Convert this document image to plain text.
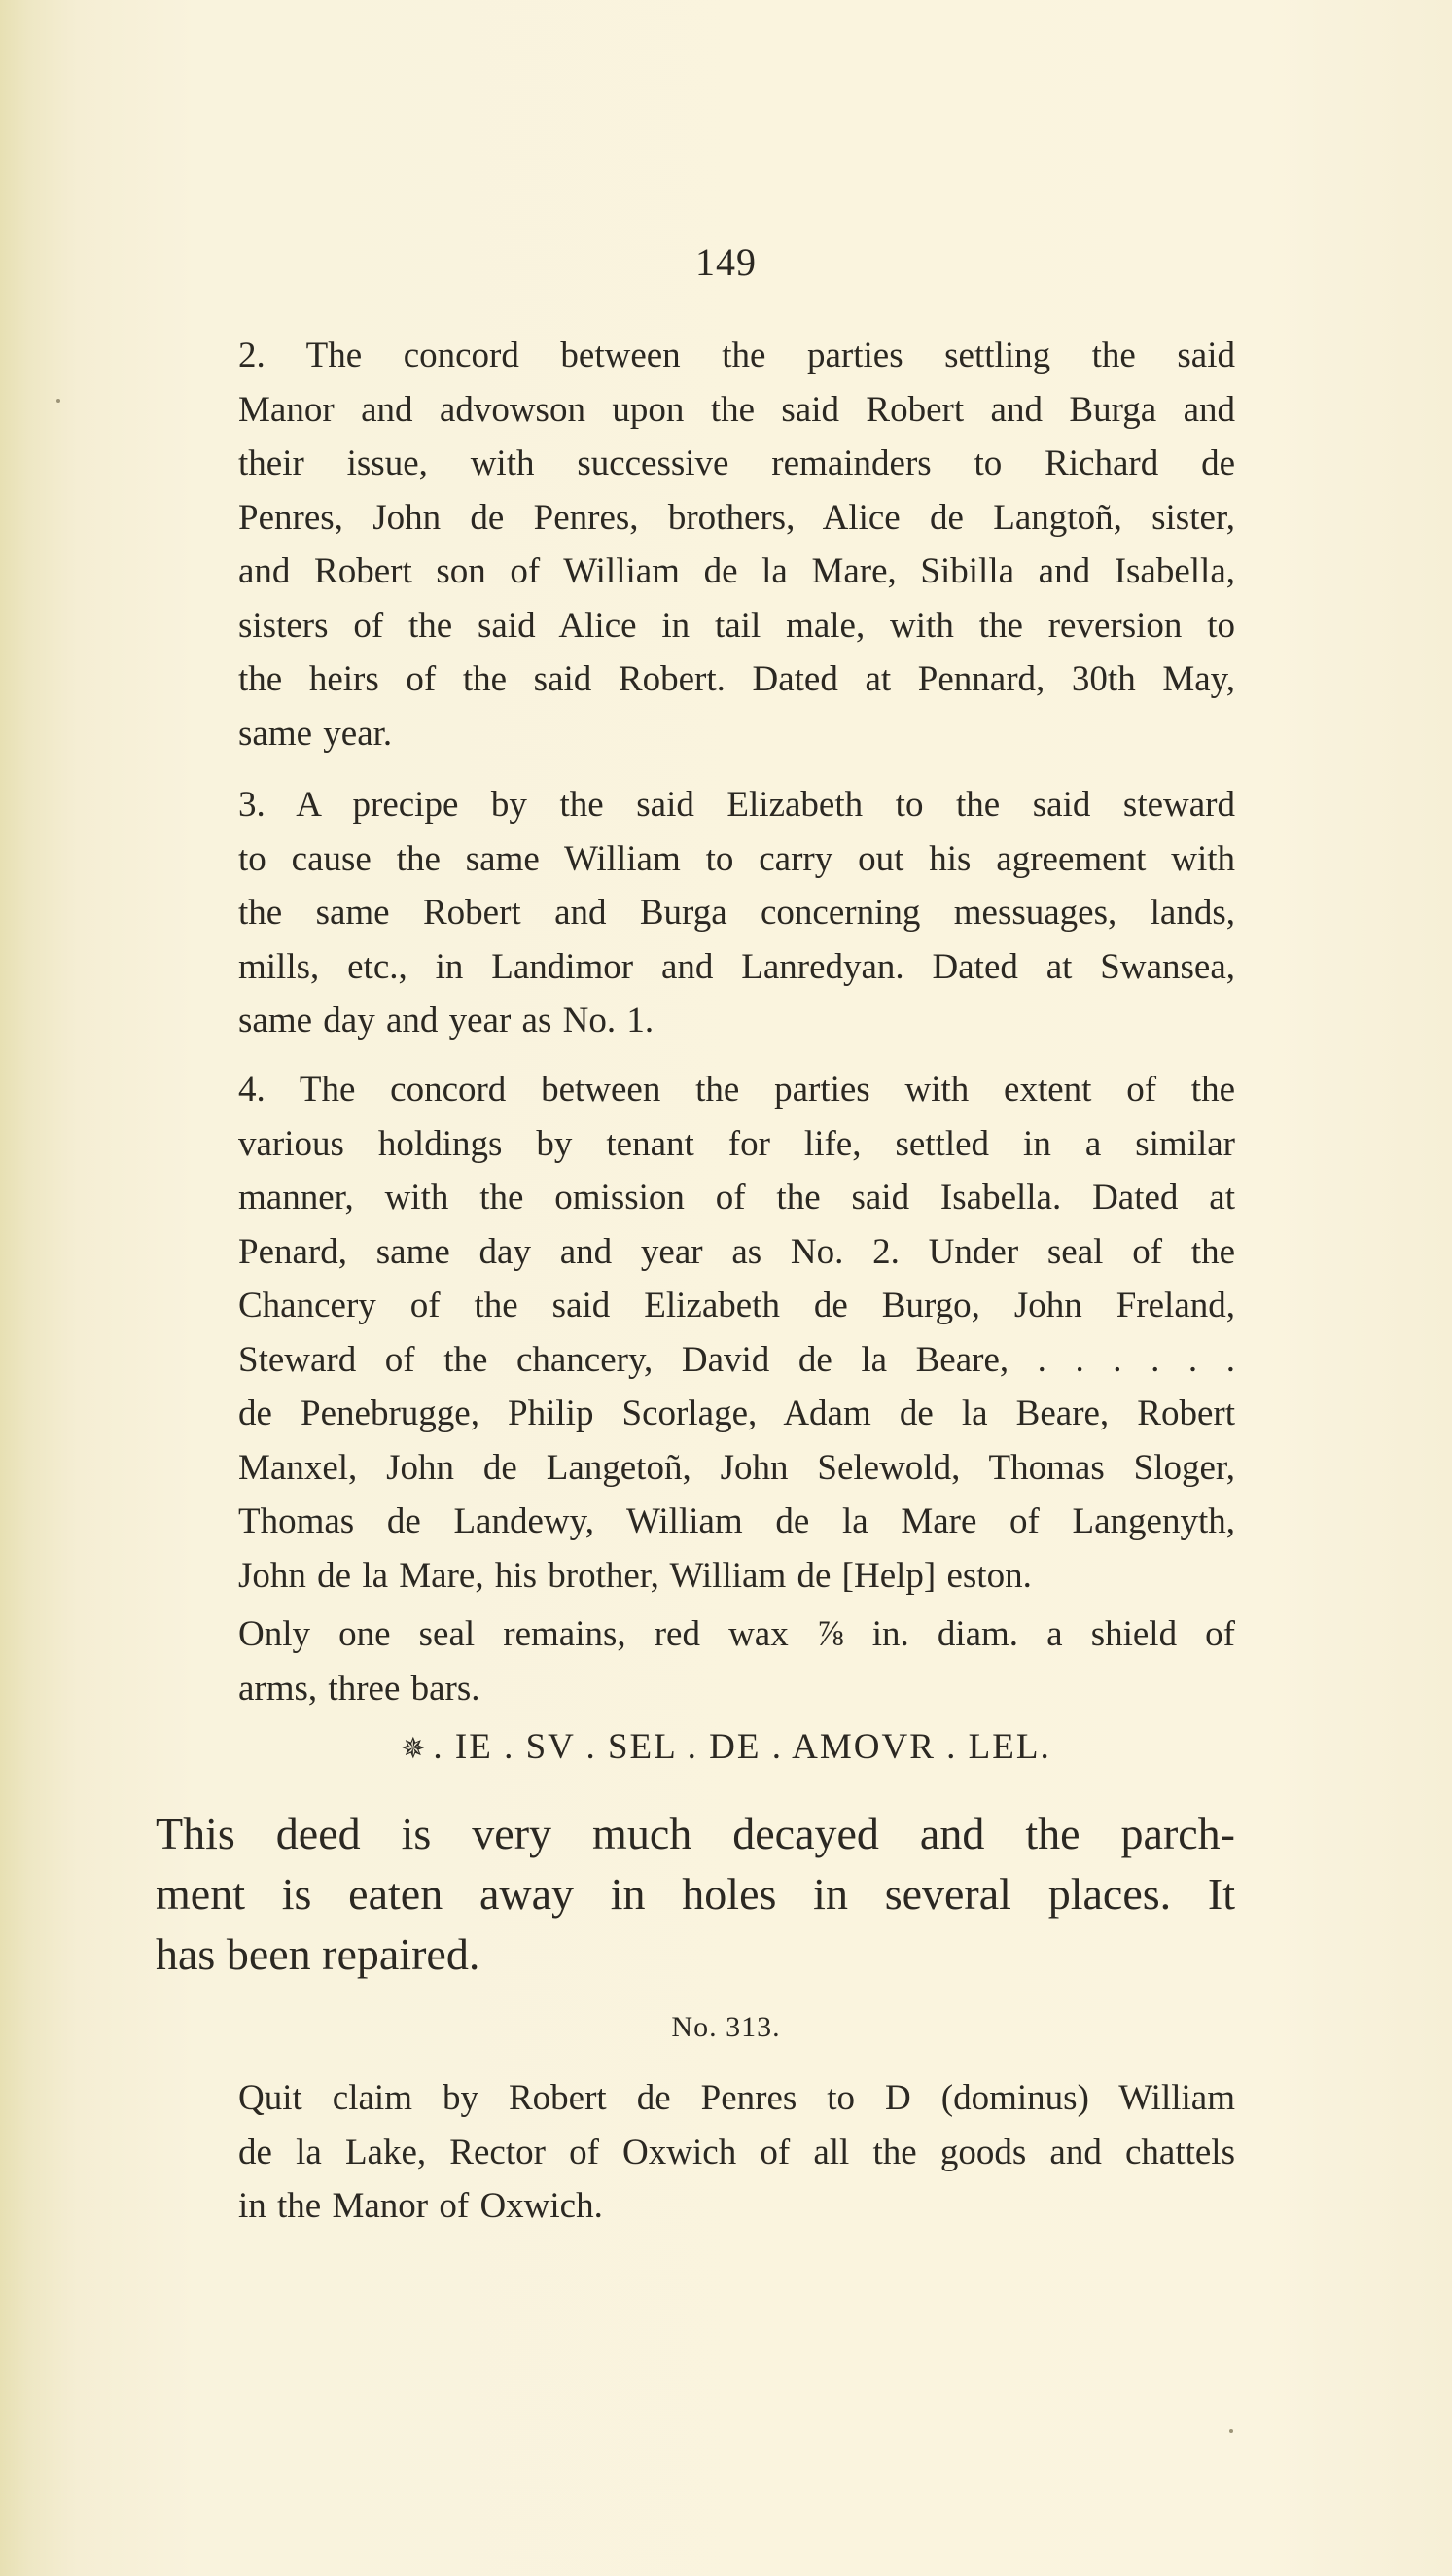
149

2. The concord between the parties settling the said
Manor and advowson upon the said Robert and Burga and
their issue, with successive remainders to Richard de
Penres, John de Penres, brothers, Alice de Langtoñ, sister,
and Robert son of William de la Mare, Sibilla and Isabella,
sisters of the said Alice in tail male, with the reversion to
the heirs of the said Robert. Dated at Pennard, 30th May,
same year.

3. A precipe by the said Elizabeth to the said steward
to cause the same William to carry out his agreement with
the same Robert and Burga concerning messuages, lands,
mills, etc., in Landimor and Lanredyan. Dated at Swansea,
same day and year as No. 1.

4. The concord between the parties with extent of the
various holdings by tenant for life, settled in a similar
manner, with the omission of the said Isabella. Dated at
Penard, same day and year as No. 2. Under seal of the
Chancery of the said Elizabeth de Burgo, John Freland,
Steward of the chancery, David de la Beare, . . . . . .
de Penebrugge, Philip Scorlage, Adam de la Beare, Robert
Manxel, John de Langetoñ, John Selewold, Thomas Sloger,
Thomas de Landewy, William de la Mare of Langenyth,
John de la Mare, his brother, William de [Help] eston.

Only one seal remains, red wax ⅞ in. diam. a shield of
arms, three bars.

✵ . IE . SV . SEL . DE . AMOVR . LEL.
This deed is very much decayed and the parch-
ment is eaten away in holes in several places. It
has been repaired.
No. 313.

Quit claim by Robert de Penres to D (dominus) William
de la Lake, Rector of Oxwich of all the goods and chattels
in the Manor of Oxwich.
